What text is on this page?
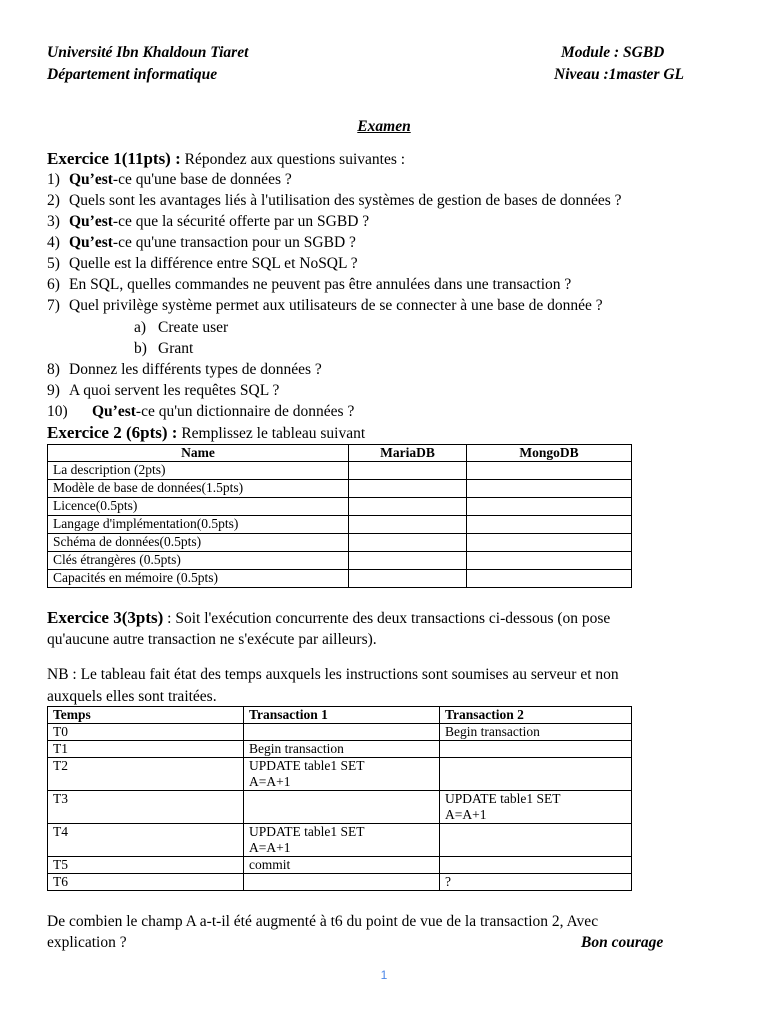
Université Ibn Khaldoun Tiaret
Département informatique
Module : SGBD
Niveau :1master GL
Examen
Exercice 1(11pts) : Répondez aux questions suivantes :
1) Qu’est-ce qu'une base de données ?
2) Quels sont les avantages liés à l'utilisation des systèmes de gestion de bases de données ?
3) Qu’est-ce que la sécurité offerte par un SGBD ?
4) Qu’est-ce qu'une transaction pour un SGBD ?
5) Quelle est la différence entre SQL et NoSQL ?
6) En SQL, quelles commandes ne peuvent pas être annulées dans une transaction ?
7) Quel privilège système permet aux utilisateurs de se connecter à une base de donnée ?
a) Create user
b) Grant
8) Donnez les différents types de données ?
9) A quoi servent les requêtes SQL ?
10) Qu’est-ce qu'un dictionnaire de données ?
Exercice 2 (6pts) : Remplissez le tableau suivant
Name	MariaDB	MongoDB
La description (2pts)		
Modèle de base de données(1.5pts)		
Licence(0.5pts)		
Langage d'implémentation(0.5pts)		
Schéma de données(0.5pts)		
Clés étrangères (0.5pts)		
Capacités en mémoire (0.5pts)		
Exercice 3(3pts) : Soit l'exécution concurrente des deux transactions ci-dessous (on pose
qu'aucune autre transaction ne s'exécute par ailleurs).
NB : Le tableau fait état des temps auxquels les instructions sont soumises au serveur et non
auxquels elles sont traitées.
Temps	Transaction 1	Transaction 2
T0		Begin transaction
T1	Begin transaction	
T2	UPDATE table1 SET
A=A+1	
T3		UPDATE table1 SET
A=A+1
T4	UPDATE table1 SET
A=A+1	
T5	commit	
T6		?
De combien le champ A a-t-il été augmenté à t6 du point de vue de la transaction 2, Avec
explication ?	Bon courage
1
